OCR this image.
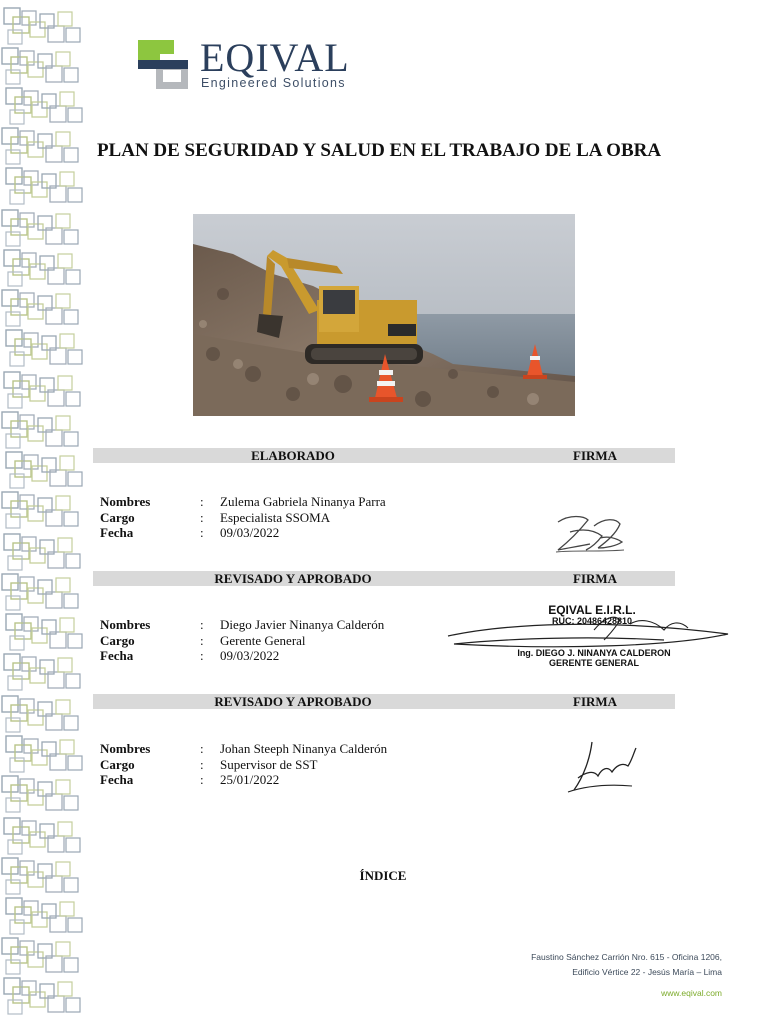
EQIVAL
Engineered Solutions
PLAN DE SEGURIDAD Y SALUD EN EL TRABAJO DE LA OBRA
ELABORADO	FIRMA
Nombres	: Zulema Gabriela Ninanya Parra
Cargo	: Especialista SSOMA
Fecha	: 09/03/2022
REVISADO Y APROBADO	FIRMA
Nombres	: Diego Javier Ninanya Calderón
Cargo	: Gerente General
Fecha	: 09/03/2022
EQIVAL E.I.R.L.
RUC: 20486428810
Ing. DIEGO J. NINANYA CALDERON
GERENTE GENERAL
REVISADO Y APROBADO	FIRMA
Nombres	: Johan Steeph Ninanya Calderón
Cargo	: Supervisor de SST
Fecha	: 25/01/2022
ÍNDICE
Faustino Sánchez Carrión Nro. 615 - Oficina 1206,
Edificio Vértice 22 - Jesús María – Lima
www.eqival.com
